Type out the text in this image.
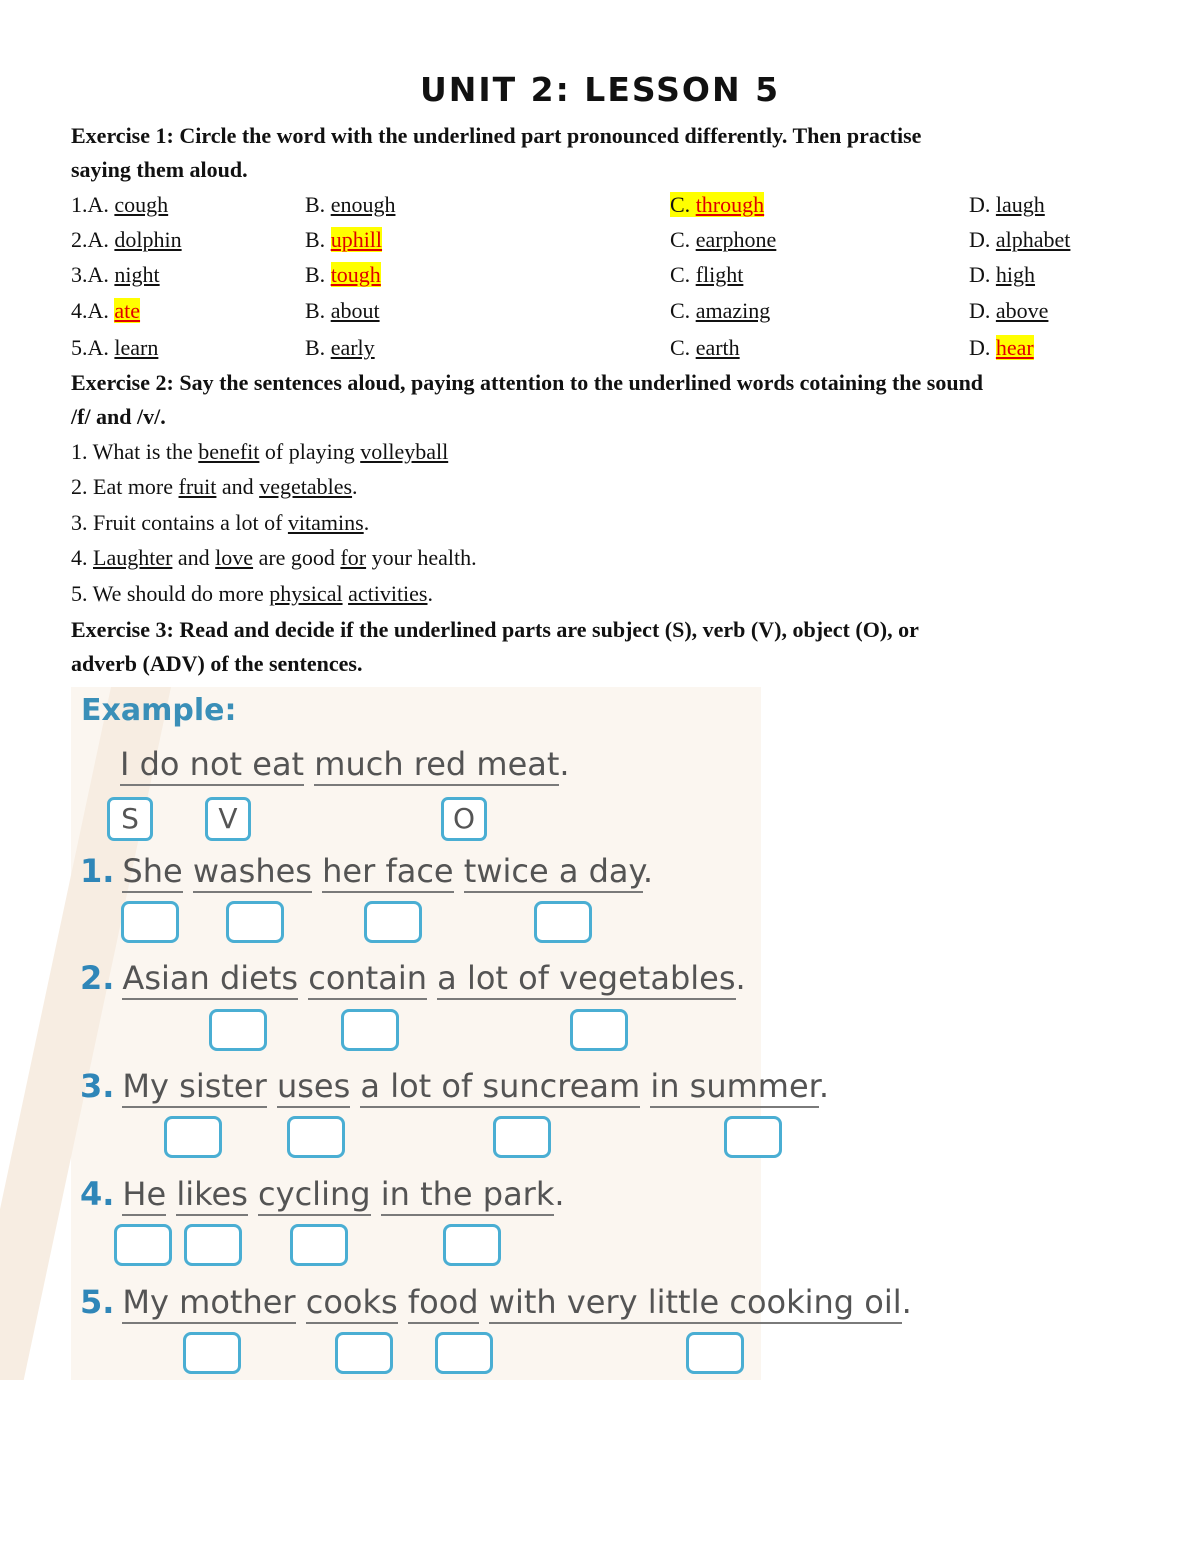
UNIT 2: LESSON 5
Exercise 1: Circle the word with the underlined part pronounced differently. Then practise
saying them aloud.
1.A. cough	B. enough	C. through	D. laugh
2.A. dolphin	B. uphill	C. earphone	D. alphabet
3.A. night	B. tough	C. flight	D. high
4.A. ate	B. about	C. amazing	D. above
5.A. learn	B. early	C. earth	D. hear
Exercise 2: Say the sentences aloud, paying attention to the underlined words cotaining the sound
/f/ and /v/.
1. What is the benefit of playing volleyball
2. Eat more fruit and vegetables.
3. Fruit contains a lot of vitamins.
4. Laughter and love are good for your health.
5. We should do more physical activities.
Exercise 3: Read and decide if the underlined parts are subject (S), verb (V), object (O), or
adverb (ADV) of the sentences.
Example:
I do not eat much red meat.
S	V	O
1. She washes her face twice a day.
2. Asian diets contain a lot of vegetables.
3. My sister uses a lot of suncream in summer.
4. He likes cycling in the park.
5. My mother cooks food with very little cooking oil.
